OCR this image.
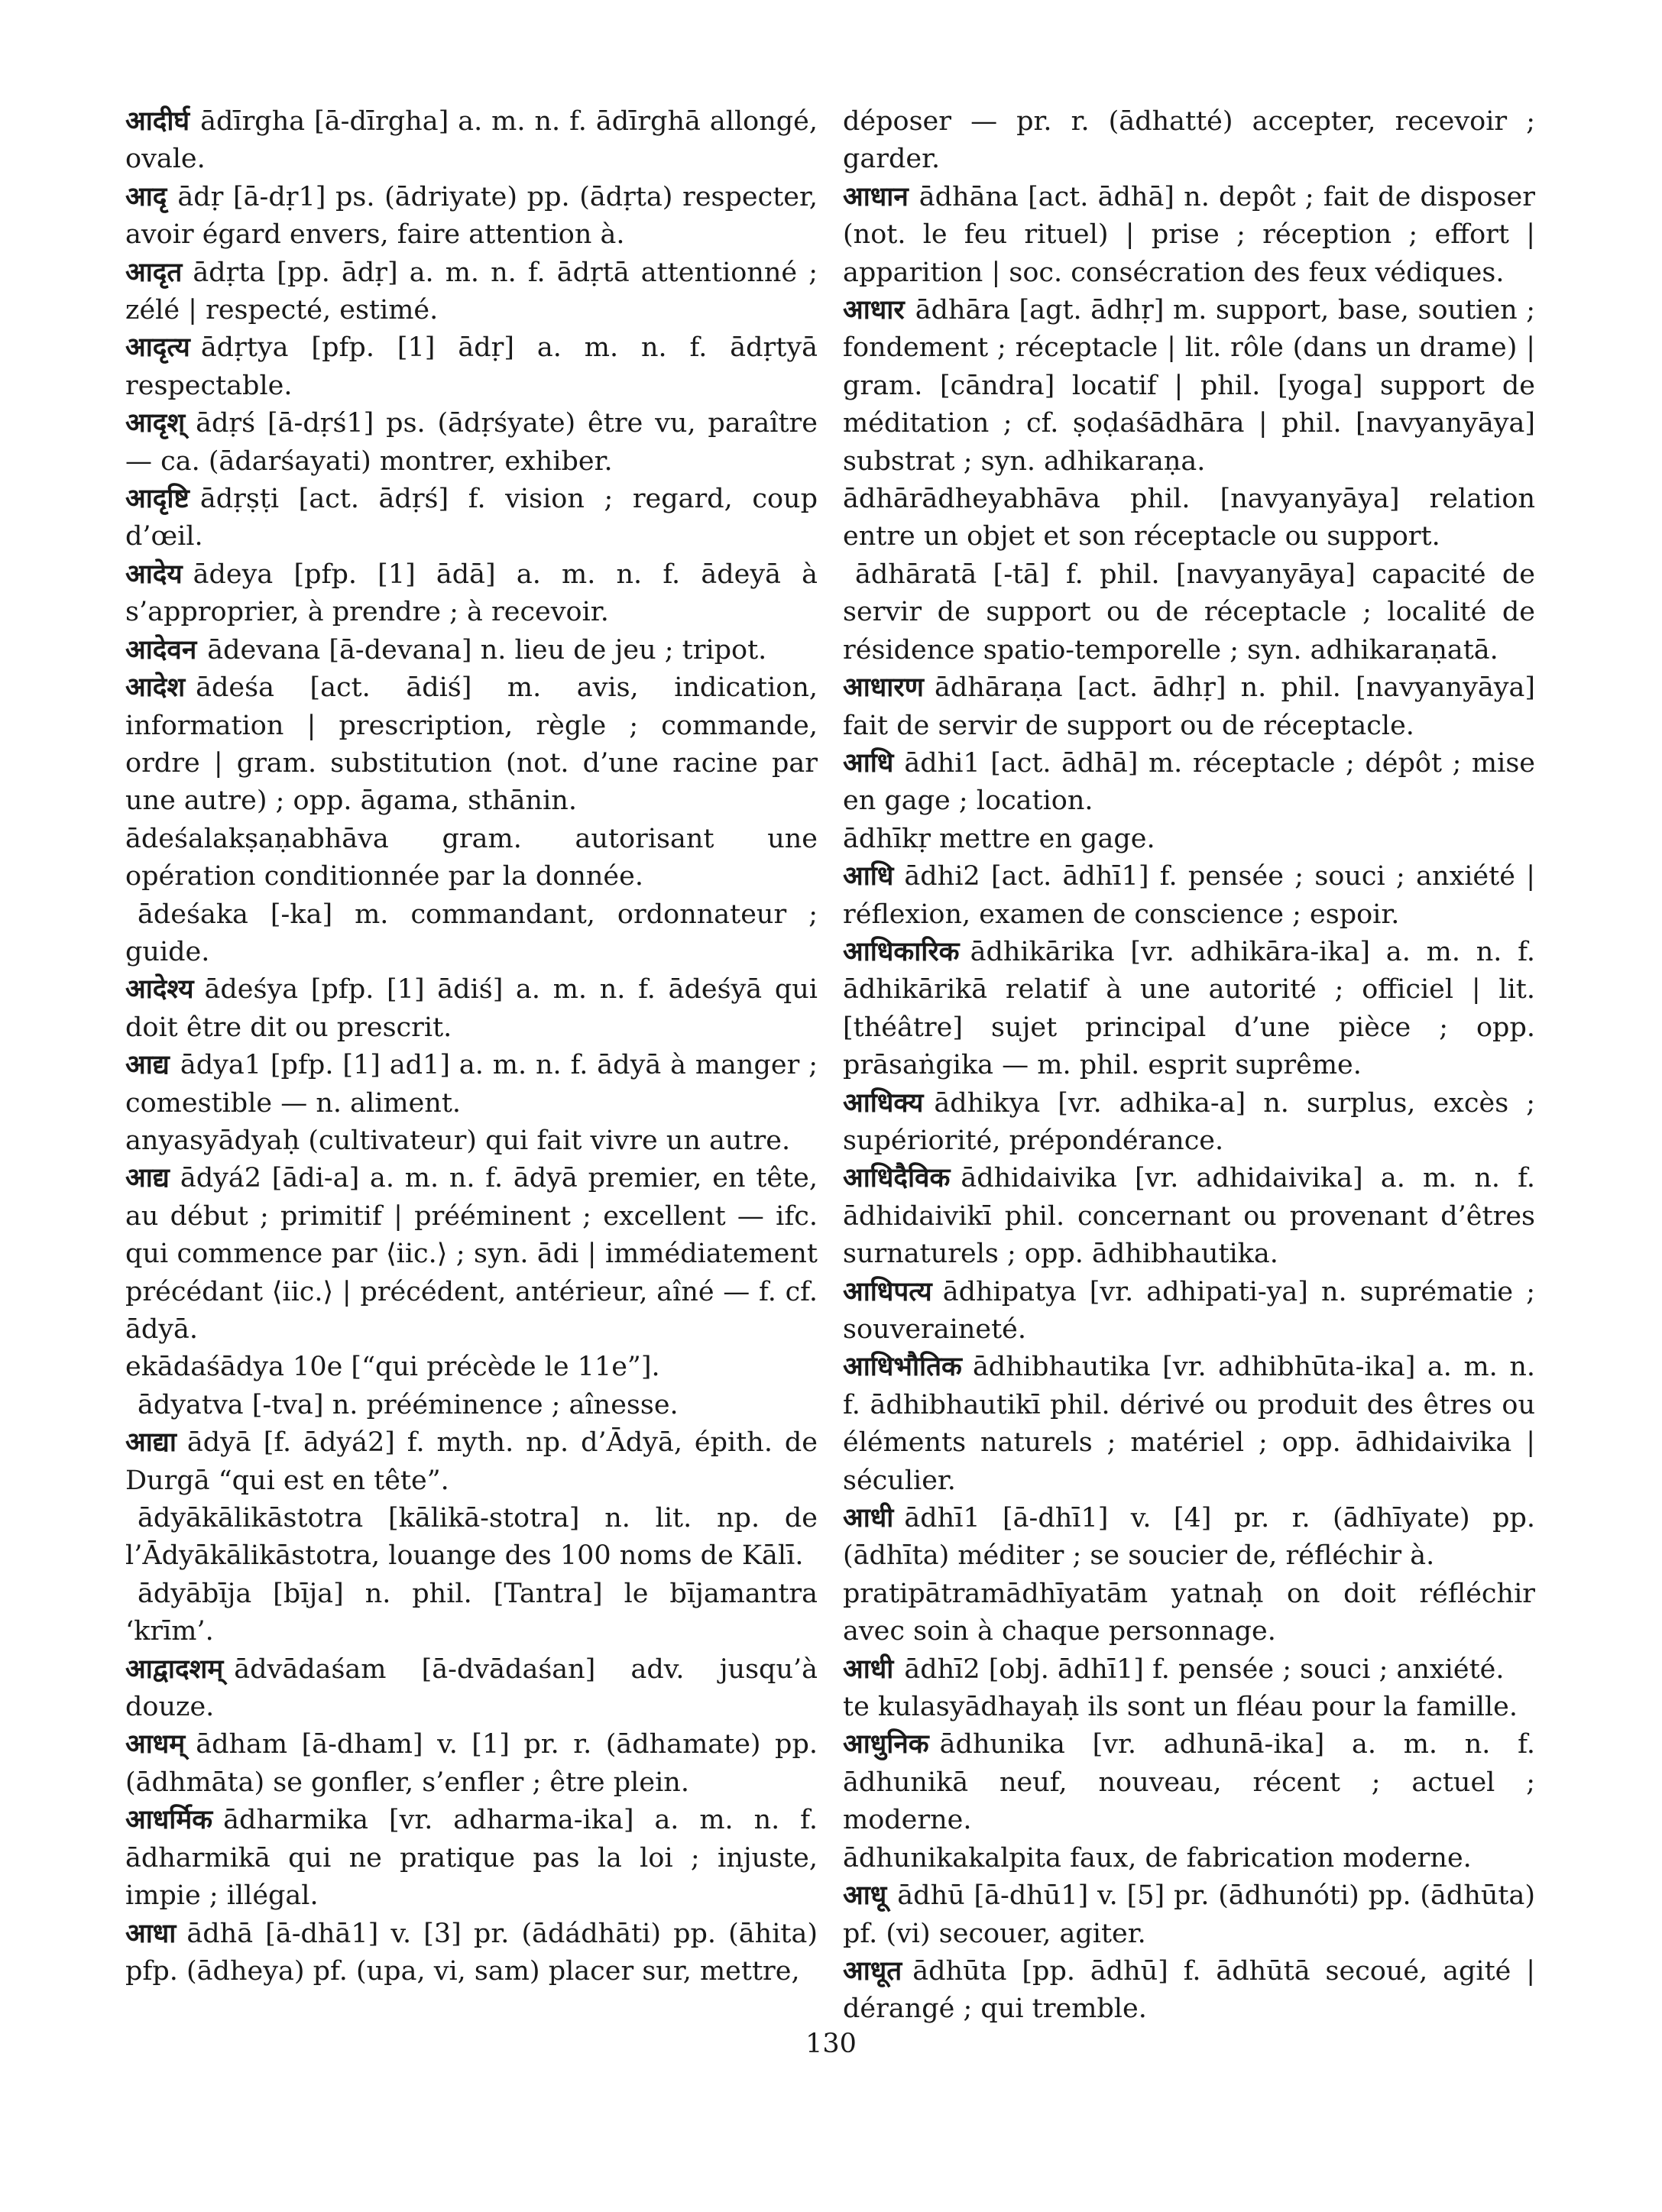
आदीर्घ ādīrgha [ā-dīrgha] a. m. n. f. ādīrghā allongé, ovale.

आदृ ādṛ [ā-dṛ1] ps. (ādriyate) pp. (ādṛta) respecter, avoir égard envers, faire attention à.

आदृत ādṛta [pp. ādṛ] a. m. n. f. ādṛtā attentionné ; zélé | respecté, estimé.

आदृत्य ādṛtya [pfp. [1] ādṛ] a. m. n. f. ādṛtyā respectable.

आदृश् ādṛś [ā-dṛś1] ps. (ādṛśyate) être vu, paraître — ca. (ādarśayati) montrer, exhiber.

आदृष्टि ādṛṣṭi [act. ādṛś] f. vision ; regard, coup d’œil.

आदेय ādeya [pfp. [1] ādā] a. m. n. f. ādeyā à s’approprier, à prendre ; à recevoir.

आदेवन ādevana [ā-devana] n. lieu de jeu ; tripot.

आदेश ādeśa [act. ādiś] m. avis, indication, information | prescription, règle ; commande, ordre | gram. substitution (not. d’une racine par une autre) ; opp. āgama, sthānin.

ādeśalakṣaṇabhāva gram. autorisant une opération conditionnée par la donnée.

ādeśaka [-ka] m. commandant, ordonnateur ; guide.

आदेश्य ādeśya [pfp. [1] ādiś] a. m. n. f. ādeśyā qui doit être dit ou prescrit.

आद्य ādya1 [pfp. [1] ad1] a. m. n. f. ādyā à manger ; comestible — n. aliment.

anyasyādyaḥ (cultivateur) qui fait vivre un autre.

आद्य ādyá2 [ādi-a] a. m. n. f. ādyā premier, en tête, au début ; primitif | prééminent ; excellent — ifc. qui commence par ⟨iic.⟩ ; syn. ādi | immédiatement précédant ⟨iic.⟩ | précédent, antérieur, aîné — f. cf. ādyā.

ekādaśādya 10e [“qui précède le 11e”].

ādyatva [-tva] n. prééminence ; aînesse.

आद्या ādyā [f. ādyá2] f. myth. np. d’Ādyā, épith. de Durgā “qui est en tête”.

ādyākālikāstotra [kālikā-stotra] n. lit. np. de l’Ādyākālikāstotra, louange des 100 noms de Kālī.

ādyābīja [bīja] n. phil. [Tantra] le bījamantra ‘krīm’.

आद्वादशम् ādvādaśam [ā-dvādaśan] adv. jusqu’à douze.

आधम् ādham [ā-dham] v. [1] pr. r. (ādhamate) pp. (ādhmāta) se gonfler, s’enfler ; être plein.

आधर्मिक ādharmika [vr. adharma-ika] a. m. n. f. ādharmikā qui ne pratique pas la loi ; injuste, impie ; illégal.

आधा ādhā [ā-dhā1] v. [3] pr. (ādádhāti) pp. (āhita) pfp. (ādheya) pf. (upa, vi, sam) placer sur, mettre,

déposer — pr. r. (ādhatté) accepter, recevoir ; garder.

आधान ādhāna [act. ādhā] n. depôt ; fait de disposer (not. le feu rituel) | prise ; réception ; effort | apparition | soc. consécration des feux védiques.

आधार ādhāra [agt. ādhṛ] m. support, base, soutien ; fondement ; réceptacle | lit. rôle (dans un drame) | gram. [cāndra] locatif | phil. [yoga] support de méditation ; cf. ṣoḍaśādhāra | phil. [navyanyāya] substrat ; syn. adhikaraṇa.

ādhārādheyabhāva phil. [navyanyāya] relation entre un objet et son réceptacle ou support.

ādhāratā [-tā] f. phil. [navyanyāya] capacité de servir de support ou de réceptacle ; localité de résidence spatio-temporelle ; syn. adhikaraṇatā.

आधारण ādhāraṇa [act. ādhṛ] n. phil. [navyanyāya] fait de servir de support ou de réceptacle.

आधि ādhi1 [act. ādhā] m. réceptacle ; dépôt ; mise en gage ; location.

ādhīkṛ mettre en gage.

आधि ādhi2 [act. ādhī1] f. pensée ; souci ; anxiété | réflexion, examen de conscience ; espoir.

आधिकारिक ādhikārika [vr. adhikāra-ika] a. m. n. f. ādhikārikā relatif à une autorité ; officiel | lit. [théâtre] sujet principal d’une pièce ; opp. prāsaṅgika — m. phil. esprit suprême.

आधिक्य ādhikya [vr. adhika-a] n. surplus, excès ; supériorité, prépondérance.

आधिदैविक ādhidaivika [vr. adhidaivika] a. m. n. f. ādhidaivikī phil. concernant ou provenant d’êtres surnaturels ; opp. ādhibhautika.

आधिपत्य ādhipatya [vr. adhipati-ya] n. suprématie ; souveraineté.

आधिभौतिक ādhibhautika [vr. adhibhūta-ika] a. m. n. f. ādhibhautikī phil. dérivé ou produit des êtres ou éléments naturels ; matériel ; opp. ādhidaivika | séculier.

आधी ādhī1 [ā-dhī1] v. [4] pr. r. (ādhīyate) pp. (ādhīta) méditer ; se soucier de, réfléchir à.

pratipātramādhīyatām yatnaḥ on doit réfléchir avec soin à chaque personnage.

आधी ādhī2 [obj. ādhī1] f. pensée ; souci ; anxiété.

te kulasyādhayaḥ ils sont un fléau pour la famille.

आधुनिक ādhunika [vr. adhunā-ika] a. m. n. f. ādhunikā neuf, nouveau, récent ; actuel ; moderne.

ādhunikakalpita faux, de fabrication moderne.

आधू ādhū [ā-dhū1] v. [5] pr. (ādhunóti) pp. (ādhūta) pf. (vi) secouer, agiter.

आधूत ādhūta [pp. ādhū] f. ādhūtā secoué, agité | dérangé ; qui tremble.

130
